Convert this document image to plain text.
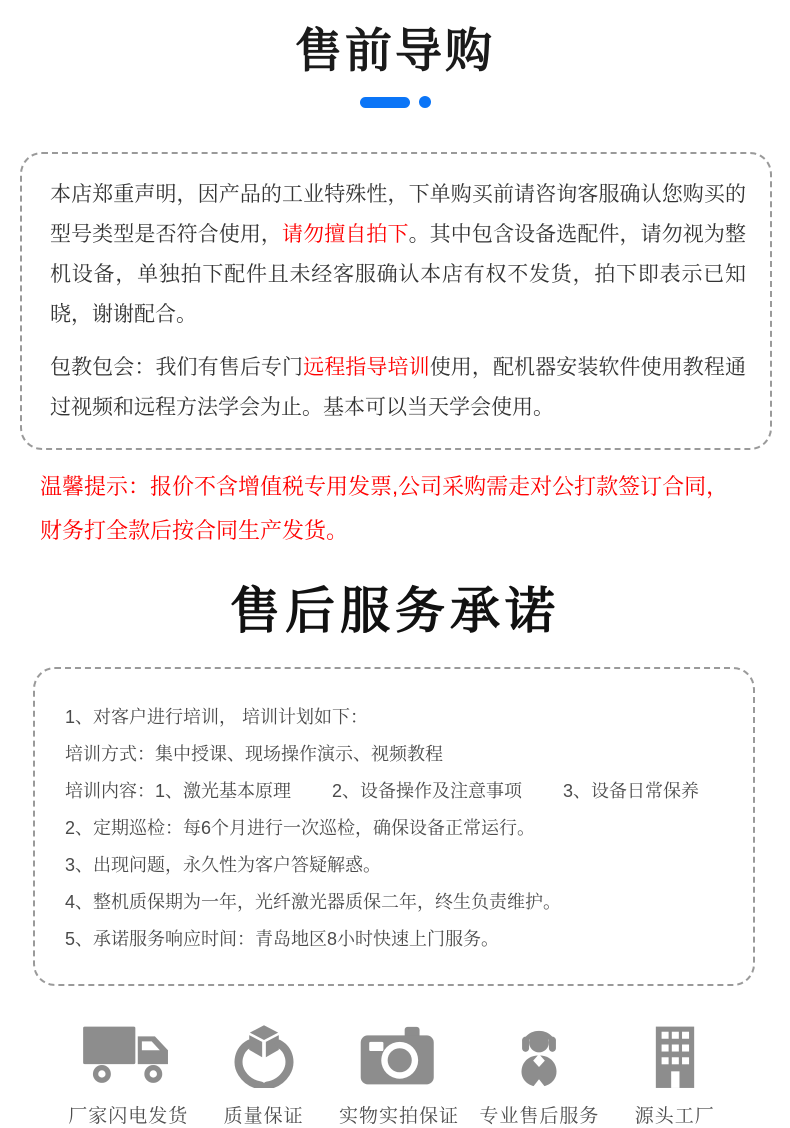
售前导购

本店郑重声明，因产品的工业特殊性，下单购买前请咨询客服确认您购买的型号类型是否符合使用，请勿擅自拍下。其中包含设备选配件，请勿视为整机设备，单独拍下配件且未经客服确认本店有权不发货，拍下即表示已知晓，谢谢配合。

包教包会：我们有售后专门远程指导培训使用，配机器安装软件使用教程通过视频和远程方法学会为止。基本可以当天学会使用。

温馨提示：报价不含增值税专用发票,公司采购需走对公打款签订合同，财务打全款后按合同生产发货。

售后服务承诺

1、对客户进行培训， 培训计划如下：

培训方式：集中授课、现场操作演示、视频教程

培训内容：1、激光基本原理　　 2、设备操作及注意事项　　 3、设备日常保养

2、定期巡检：每6个月进行一次巡检，确保设备正常运行。

3、出现问题，永久性为客户答疑解惑。

4、整机质保期为一年，光纤激光器质保二年，终生负责维护。

5、承诺服务响应时间：青岛地区8小时快速上门服务。

厂家闪电发货 质量保证 实物实拍保证 专业售后服务 源头工厂
